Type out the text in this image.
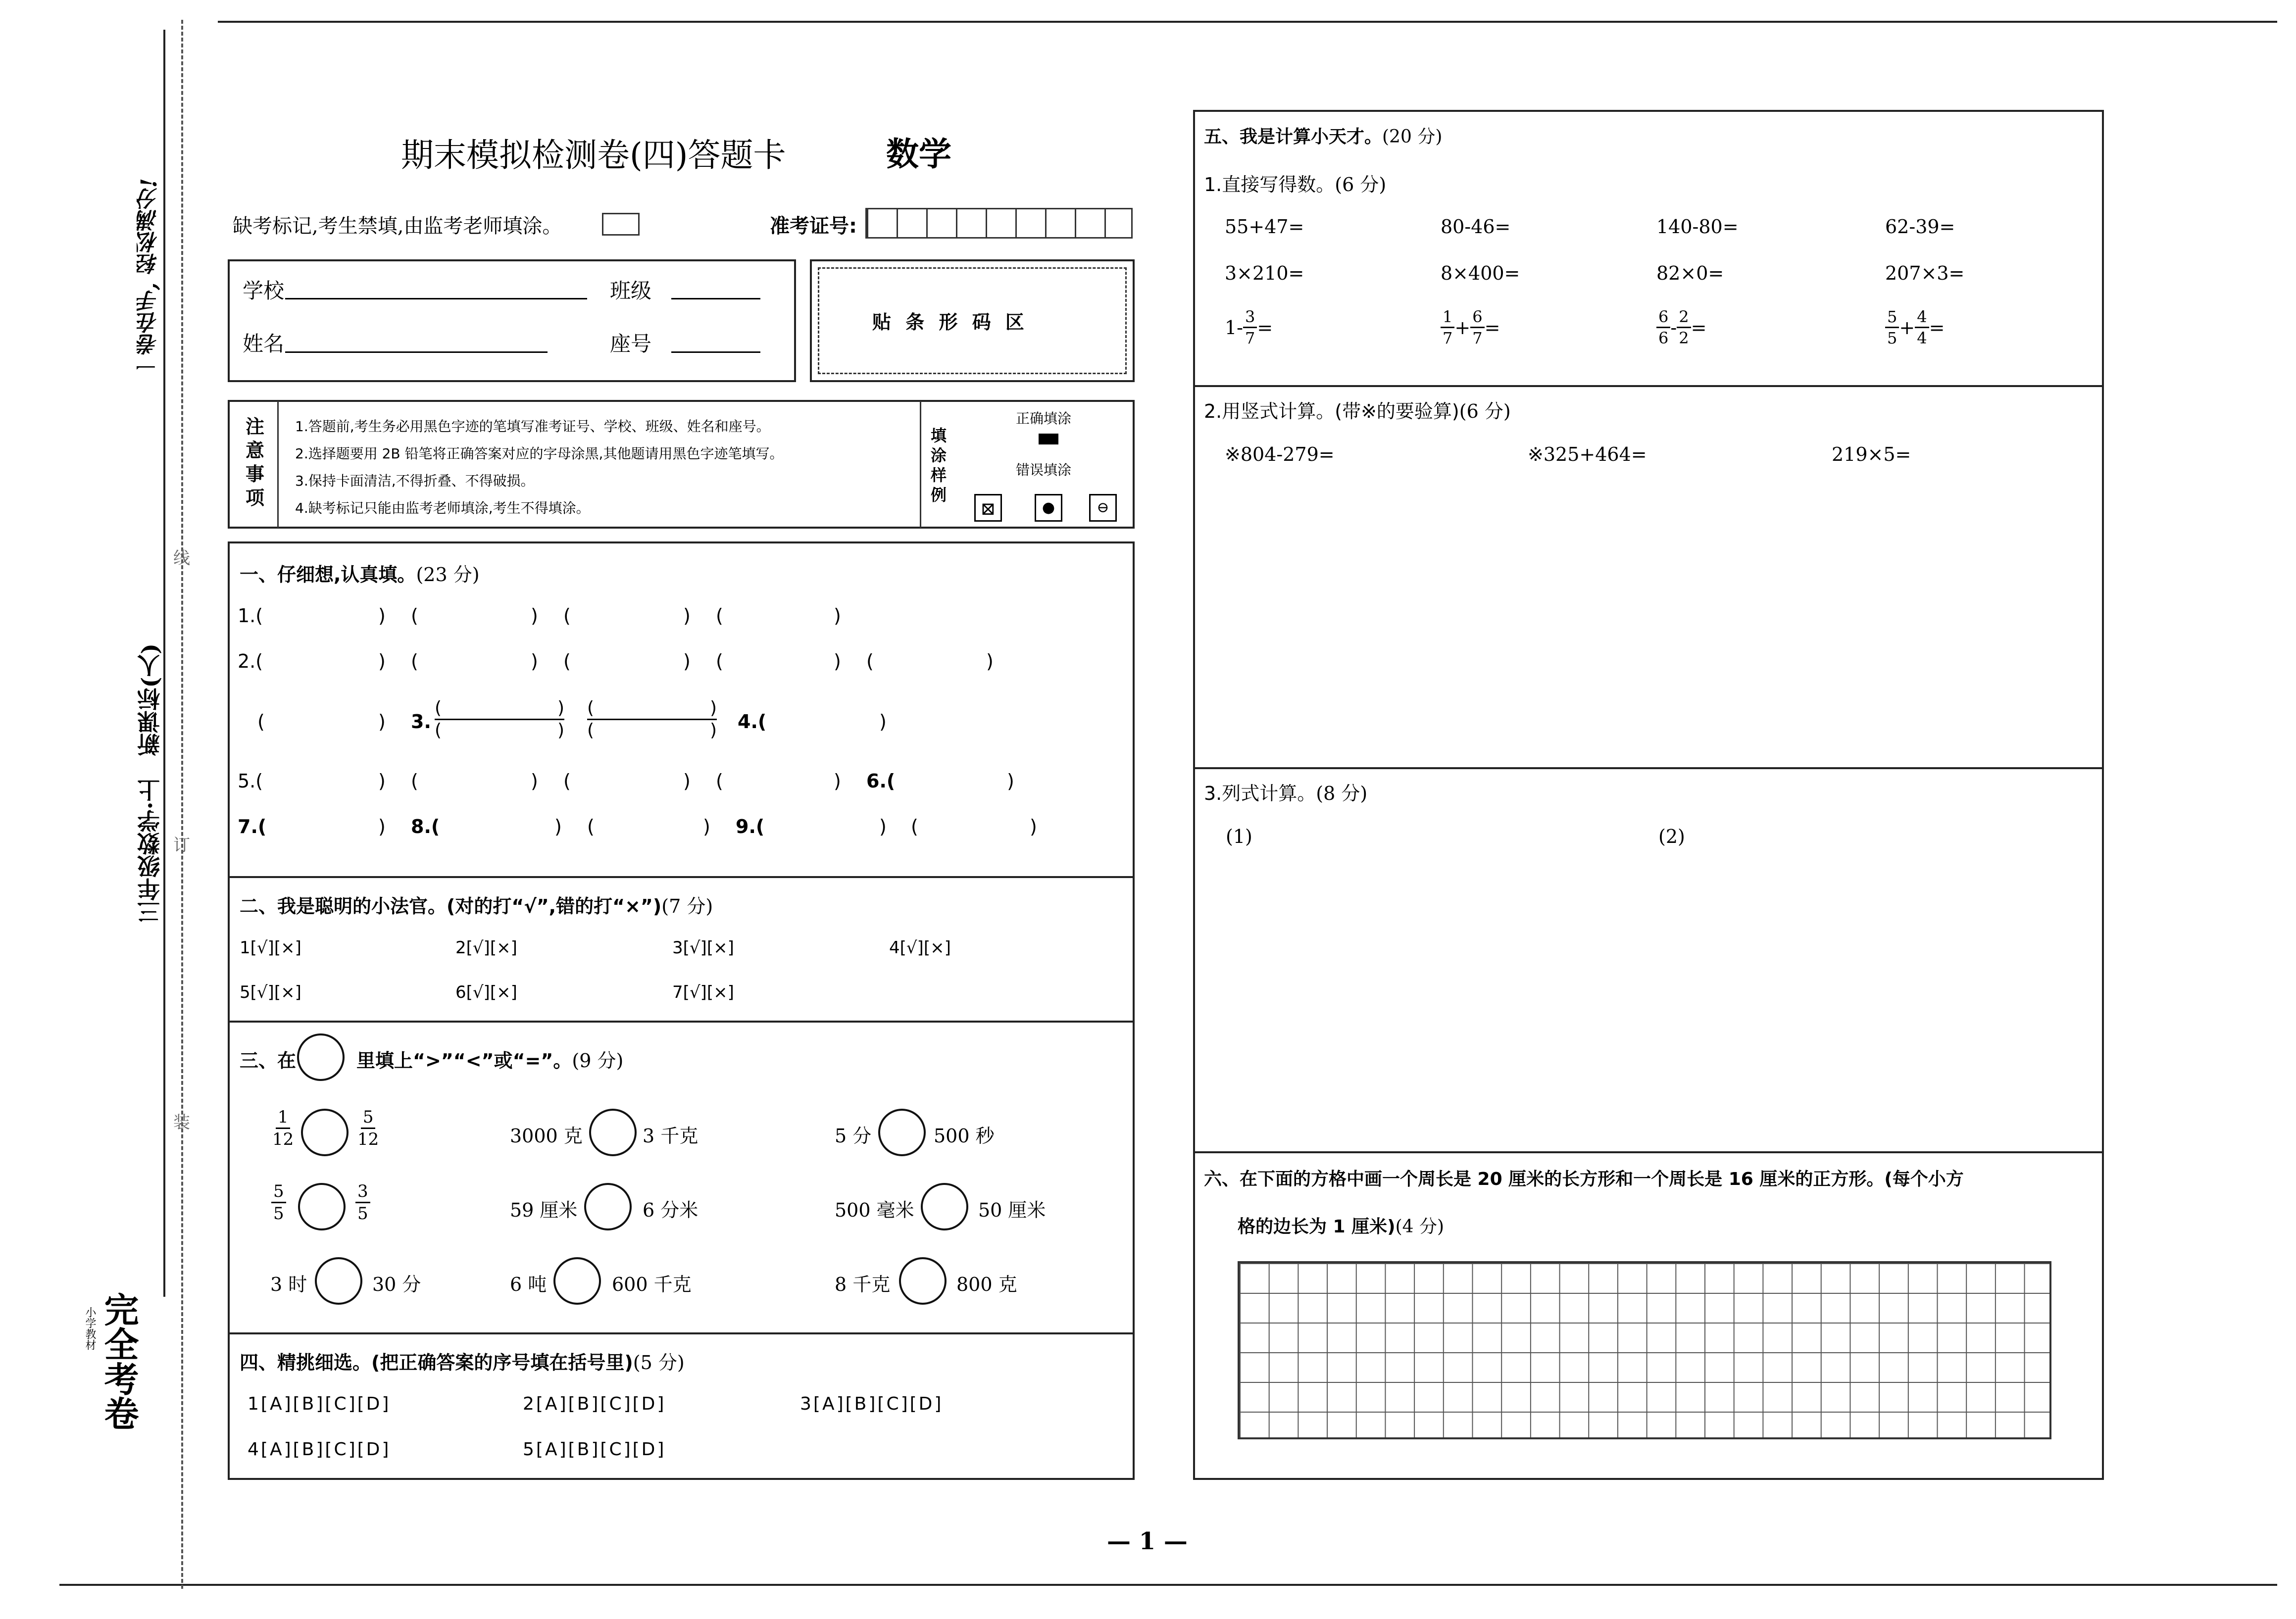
一卷在手, 轻松满分!
三年级数学·上　新课标(人)
线
订
装
完全考卷
小学教材
期末模拟检测卷(四)答题卡	数学
缺考标记,考生禁填,由监考老师填涂。	准考证号:
学校	班级
姓名	座号
贴 条 形 码 区
注
意
事
项
1.答题前,考生务必用黑色字迹的笔填写准考证号、学校、班级、姓名和座号。
2.选择题要用 2B 铅笔将正确答案对应的字母涂黑,其他题请用黑色字迹笔填写。
3.保持卡面清洁,不得折叠、不得破损。
4.缺考标记只能由监考老师填涂,考生不得填涂。
填
涂
样
例
正确填涂
错误填涂
⊠	●	⊖
一、仔细想,认真填。(23 分)
1.(	) (	) (	) (	)
2.(	) (	) (	) (	) (	)
(	) 3.
(	)
(	)
(	)
(	) 4.(	)
5.(	) (	) (	) (	) 6.(	)
7.(	) 8.(	) (	) 9.(	) (	)
二、我是聪明的小法官。(对的打“√”,错的打“×”)(7 分)
1[√][×]	2[√][×]	3[√][×]	4[√][×]
5[√][×]	6[√][×]	7[√][×]
三、在	里填上“>”“<”或“=”。(9 分)
$\frac{1}{12}$	$\frac{5}{12}$	3000 克	3 千克	5 分	500 秒
$\frac{5}{5}$	$\frac{3}{5}$	59 厘米	6 分米	500 毫米	50 厘米
3 时	30 分	6 吨	600 千克	8 千克	800 克
四、精挑细选。(把正确答案的序号填在括号里)(5 分)
1[A][B][C][D]	2[A][B][C][D]	3[A][B][C][D]
4[A][B][C][D]	5[A][B][C][D]
五、我是计算小天才。(20 分)
1.直接写得数。(6 分)
55+47=	80-46=	140-80=	62-39=
3×210=	8×400=	82×0=	207×3=
$1- \frac{3}{7}$ =	$\frac{1}{7} + \frac{6}{7}$ =	$\frac{6}{6} - \frac{2}{2}$ =	$\frac{5}{5} + \frac{4}{4}$ =
2.用竖式计算。(带※的要验算)(6 分)
※804-279=	※325+464=	219×5=
3.列式计算。(8 分)
(1)	(2)
六、在下面的方格中画一个周长是 20 厘米的长方形和一个周长是 16 厘米的正方形。(每个小方
格的边长为 1 厘米)(4 分)
— 1 —
